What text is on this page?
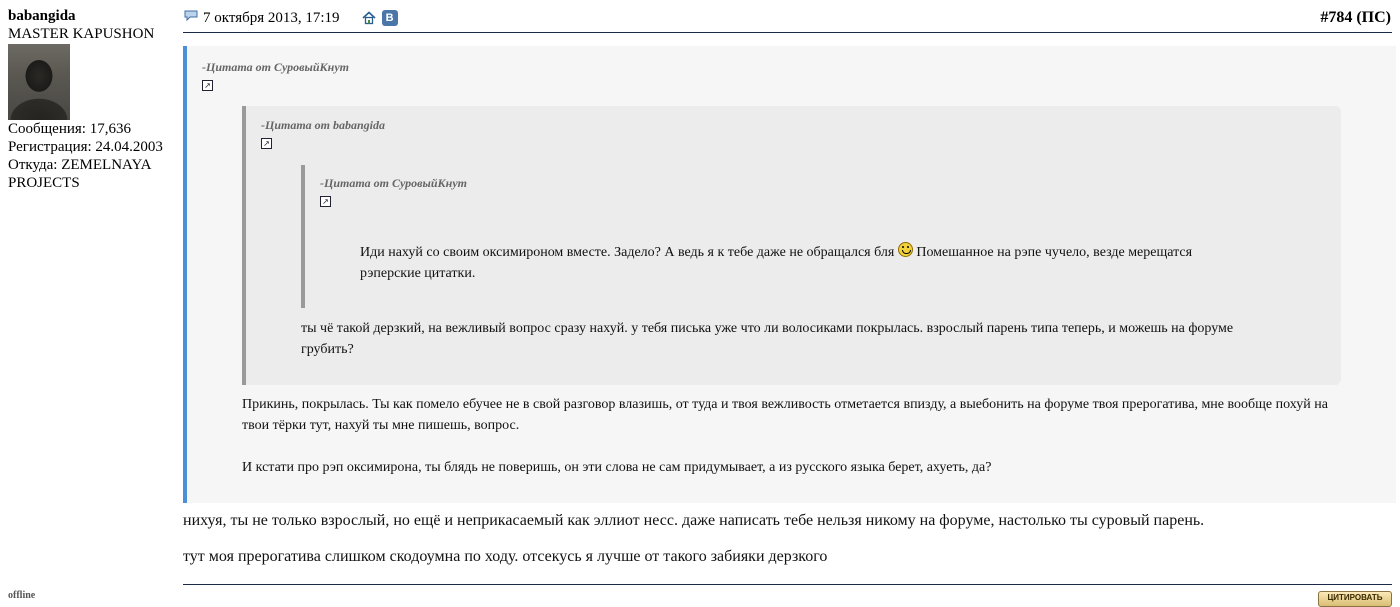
babangida
MASTER KAPUSHON
Сообщения: 17,636
Регистрация: 24.04.2003
Откуда: ZEMELNAYA
PROJECTS
offline
7 октября 2013, 17:19	В	#784 (ПС)
-Цитата от СуровыйКнут
↗
-Цитата от babangida
↗
-Цитата от СуровыйКнут
↗
Иди нахуй со своим оксимироном вместе. Задело? А ведь я к тебе даже не обращался бля  Помешанное на рэпе чучело, везде мерещатся
рэперские цитатки.
ты чё такой дерзкий, на вежливый вопрос сразу нахуй. у тебя писька уже что ли волосиками покрылась. взрослый парень типа теперь, и можешь на форуме
грубить?
Прикинь, покрылась. Ты как помело ебучее не в свой разговор влазишь, от туда и твоя вежливость отметается впизду, а выебонить на форуме твоя прерогатива, мне вообще похуй на
твои тёрки тут, нахуй ты мне пишешь, вопрос.
И кстати про рэп оксимирона, ты блядь не поверишь, он эти слова не сам придумывает, а из русского языка берет, ахуеть, да?
нихуя, ты не только взрослый, но ещё и неприкасаемый как эллиот несс. даже написать тебе нельзя никому на форуме, настолько ты суровый парень.
тут моя прерогатива слишком скодоумна по ходу. отсекусь я лучше от такого забияки дерзкого
ЦИТИРОВАТЬ
